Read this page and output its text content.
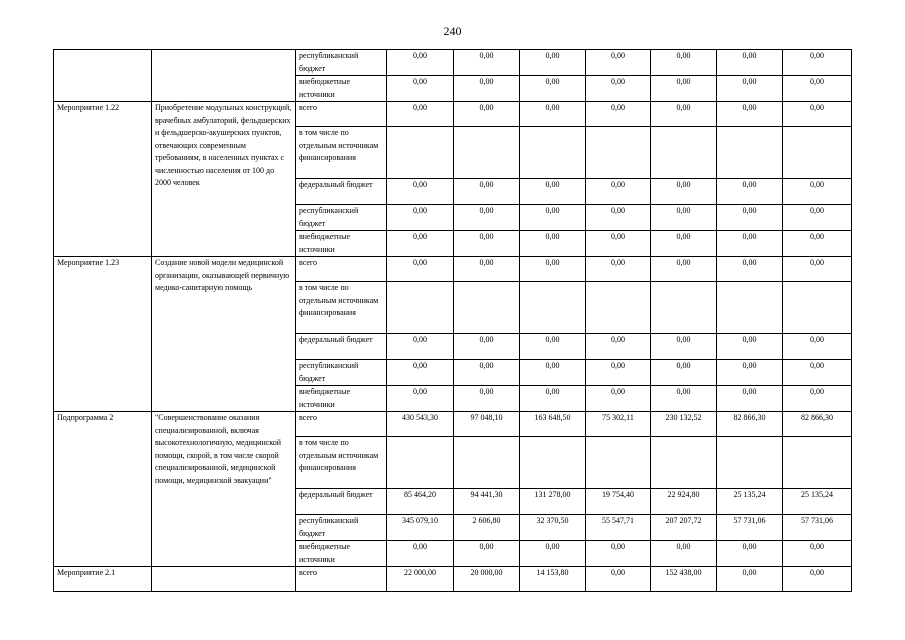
240
		республиканский бюджет	0,00	0,00	0,00	0,00	0,00	0,00	0,00
		внебюджетные источники	0,00	0,00	0,00	0,00	0,00	0,00	0,00
Мероприятие 1.22	Приобретение модульных конструкций, врачебных амбулаторий, фельдшерских и фельдшерско-акушерских пунктов, отвечающих современным требованиям, в населенных пунктах с численностью населения от 100 до 2000 человек	всего	0,00	0,00	0,00	0,00	0,00	0,00	0,00
		в том числе по отдельным источникам финансирования							
		федеральный бюджет	0,00	0,00	0,00	0,00	0,00	0,00	0,00
		республиканский бюджет	0,00	0,00	0,00	0,00	0,00	0,00	0,00
		внебюджетные источники	0,00	0,00	0,00	0,00	0,00	0,00	0,00
Мероприятие 1.23	Создание новой модели медицинской организации, оказывающей первичную медико-санитарную помощь	всего	0,00	0,00	0,00	0,00	0,00	0,00	0,00
		в том числе по отдельным источникам финансирования							
		федеральный бюджет	0,00	0,00	0,00	0,00	0,00	0,00	0,00
		республиканский бюджет	0,00	0,00	0,00	0,00	0,00	0,00	0,00
		внебюджетные источники	0,00	0,00	0,00	0,00	0,00	0,00	0,00
Подпрограмма 2	"Совершенствование оказания специализированной, включая высокотехнологичную, медицинской помощи, скорой, в том числе скорой специализированной, медицинской помощи, медицинской эвакуации"	всего	430 543,30	97 048,10	163 648,50	75 302,11	230 132,52	82 866,30	82 866,30
		в том числе по отдельным источникам финансирования							
		федеральный бюджет	85 464,20	94 441,30	131 278,00	19 754,40	22 924,80	25 135,24	25 135,24
		республиканский бюджет	345 079,10	2 606,80	32 370,50	55 547,71	207 207,72	57 731,06	57 731,06
		внебюджетные источники	0,00	0,00	0,00	0,00	0,00	0,00	0,00
Мероприятие 2.1		всего	22 000,00	20 000,00	14 153,80	0,00	152 438,00	0,00	0,00
